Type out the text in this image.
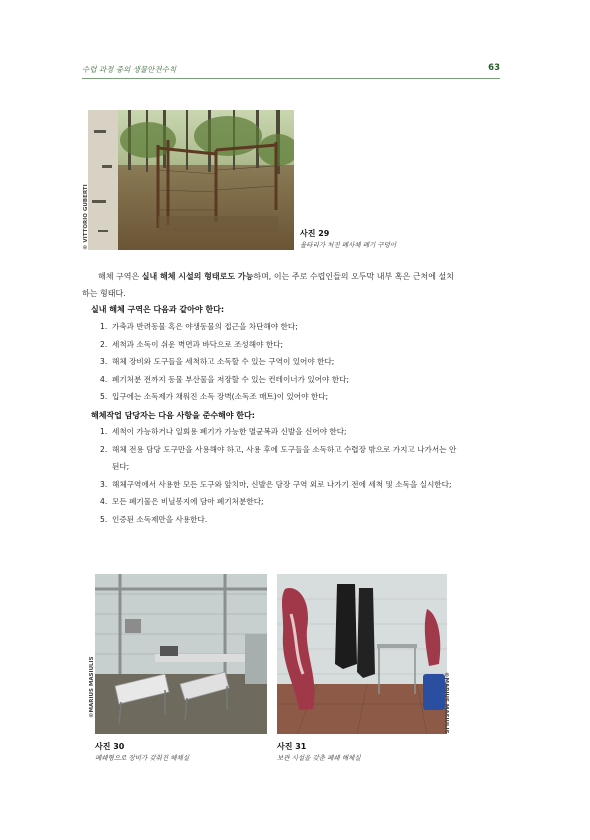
수렵 과정 중의 생물안전수칙	63
© VITTORIO GUBERTI	사진 29
울타리가 처진 폐사체 폐기 구덩이
해체 구역은 실내 해체 시설의 형태로도 가능하며, 이는 주로 수렵인들의 오두막 내부 혹은 근처에 설치하는 형태다.
실내 해체 구역은 다음과 같아야 한다:
1. 가축과 반려동물 혹은 야생동물의 접근을 차단해야 한다;
2. 세척과 소독이 쉬운 벽면과 바닥으로 조성해야 한다;
3. 해체 장비와 도구들을 세척하고 소독할 수 있는 구역이 있어야 한다;
4. 폐기처분 전까지 동물 부산물을 저장할 수 있는 컨테이너가 있어야 한다;
5. 입구에는 소독제가 채워진 소독 장벽(소독조 매트)이 있어야 한다;
해체작업 담당자는 다음 사항을 준수해야 한다:
1. 세척이 가능하거나 일회용 폐기가 가능한 멸균복과 신발을 신어야 한다;
2. 해체 전용 담당 도구만을 사용해야 하고, 사용 후에 도구들을 소독하고 수렵장 밖으로 가지고 나가서는 안 된다;
3. 해체구역에서 사용한 모든 도구와 앞치마, 신발은 담장 구역 외로 나가기 전에 세척 및 소독을 실시한다;
4. 모든 폐기물은 비닐봉지에 담아 폐기처분한다;
5. 인증된 소독제만을 사용한다.
©MARIUS MASIULIS
사진 30
폐쇄형으로 장비가 갖춰진 해체실
©MARIUS MASIULIS
사진 31
보관 시설을 갖춘 폐쇄 해체실
